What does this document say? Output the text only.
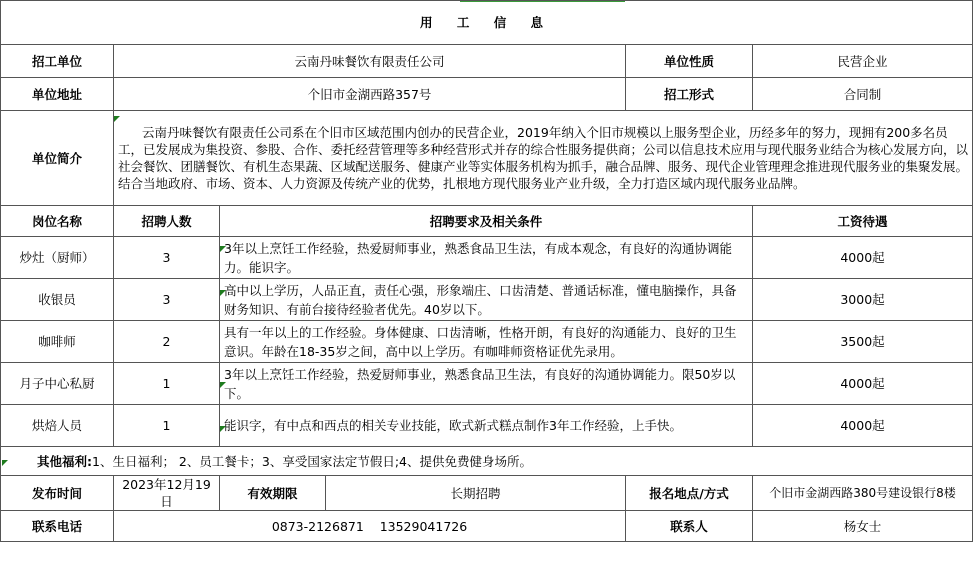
用 工 信 息					
招工单位	云南丹味餐饮有限责任公司			单位性质	民营企业
单位地址	个旧市金湖西路357号			招工形式	合同制
单位简介	云南丹味餐饮有限责任公司系在个旧市区域范围内创办的民营企业，2019年纳入个旧市规模以上服务型企业，历经多年的努力，现拥有200多名员工，已发展成为集投资、参股、合作、委托经营管理等多种经营形式并存的综合性服务提供商；公司以信息技术应用与现代服务业结合为核心发展方向，以社会餐饮、团膳餐饮、有机生态果蔬、区域配送服务、健康产业等实体服务机构为抓手，融合品牌、服务、现代企业管理理念推进现代服务业的集聚发展。结合当地政府、市场、资本、人力资源及传统产业的优势，扎根地方现代服务业产业升级，全力打造区域内现代服务业品牌。				
岗位名称	招聘人数	招聘要求及相关条件			工资待遇
炒灶（厨师）	3	3年以上烹饪工作经验，热爱厨师事业，熟悉食品卫生法，有成本观念，有良好的沟通协调能力。能识字。			4000起
收银员	3	高中以上学历，人品正直，责任心强，形象端庄、口齿清楚、普通话标准，懂电脑操作，具备财务知识、有前台接待经验者优先。40岁以下。			3000起
咖啡师	2	具有一年以上的工作经验。身体健康、口齿清晰，性格开朗，有良好的沟通能力、良好的卫生意识。年龄在18-35岁之间，高中以上学历。有咖啡师资格证优先录用。			3500起
月子中心私厨	1	3年以上烹饪工作经验，热爱厨师事业，熟悉食品卫生法，有良好的沟通协调能力。限50岁以下。			4000起
烘焙人员	1	能识字，有中点和西点的相关专业技能，欧式新式糕点制作3年工作经验，上手快。			4000起
其他福利:1、生日福利； 2、员工餐卡；3、享受国家法定节假日;4、提供免费健身场所。					
发布时间	2023年12月19日	有效期限	长期招聘	报名地点/方式	个旧市金湖西路380号建设银行8楼
联系电话	0873-2126871    13529041726			联系人	杨女士
